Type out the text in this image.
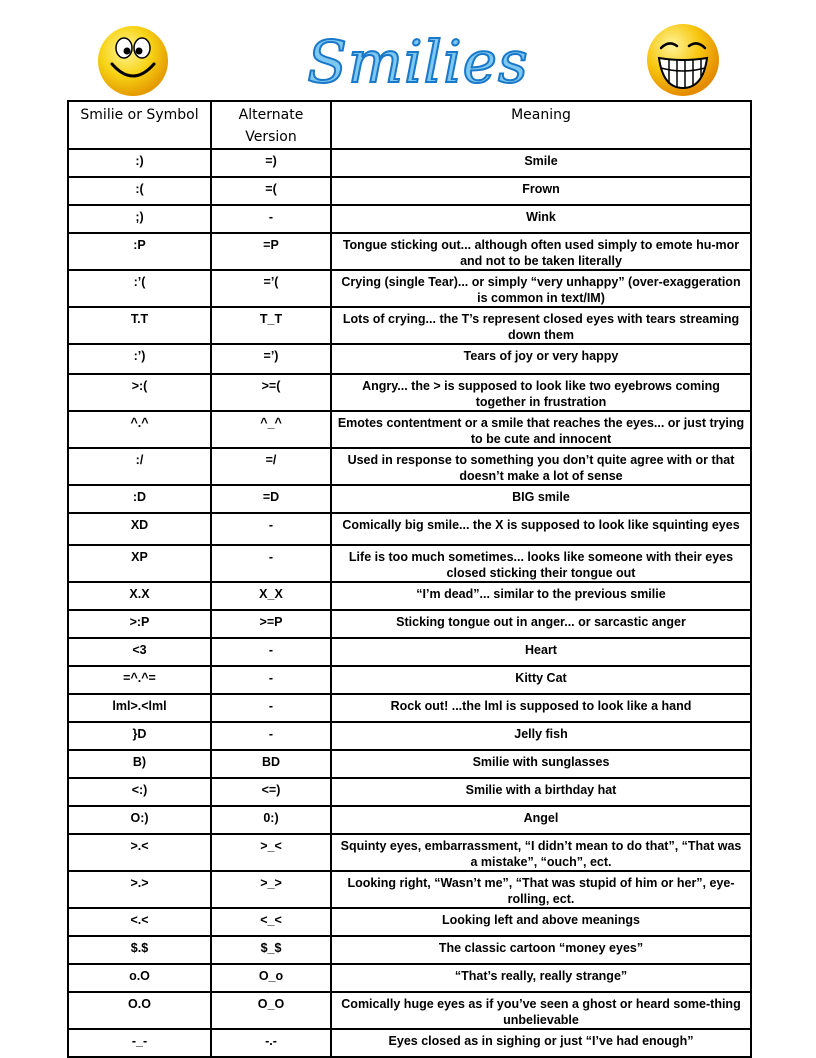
Smilies
Smilie or Symbol	Alternate Version	Meaning
:)	=)	Smile
:(	=(	Frown
;)	-	Wink
:P	=P	Tongue sticking out... although often used simply to emote hu-mor and not to be taken literally
:’(	=’(	Crying (single Tear)... or simply “very unhappy” (over-exaggeration is common in text/IM)
T.T	T_T	Lots of crying... the T’s represent closed eyes with tears streaming down them
:’)	=’)	Tears of joy or very happy
>:(	>=(	Angry... the > is supposed to look like two eyebrows coming together in frustration
^.^	^_^	Emotes contentment or a smile that reaches the eyes... or just trying to be cute and innocent
:/	=/	Used in response to something you don’t quite agree with or that doesn’t make a lot of sense
:D	=D	BIG smile
XD	-	Comically big smile... the X is supposed to look like squinting eyes
XP	-	Life is too much sometimes... looks like someone with their eyes closed sticking their tongue out
X.X	X_X	“I’m dead”... similar to the previous smilie
>:P	>=P	Sticking tongue out in anger... or sarcastic anger
<3	-	Heart
=^.^=	-	Kitty Cat
lml>.<lml	-	Rock out! ...the lml is supposed to look like a hand
}D	-	Jelly fish
B)	BD	Smilie with sunglasses
<:)	<=)	Smilie with a birthday hat
O:)	0:)	Angel
>.<	>_<	Squinty eyes, embarrassment, “I didn’t mean to do that”, “That was a mistake”, “ouch”, ect.
>.>	>_>	Looking right, “Wasn’t me”, “That was stupid of him or her”, eye-rolling, ect.
<.<	<_<	Looking left and above meanings
$.$	$_$	The classic cartoon “money eyes”
o.O	O_o	“That’s really, really strange”
O.O	O_O	Comically huge eyes as if you’ve seen a ghost or heard some-thing unbelievable
-_-	-.-	Eyes closed as in sighing or just “I’ve had enough”
